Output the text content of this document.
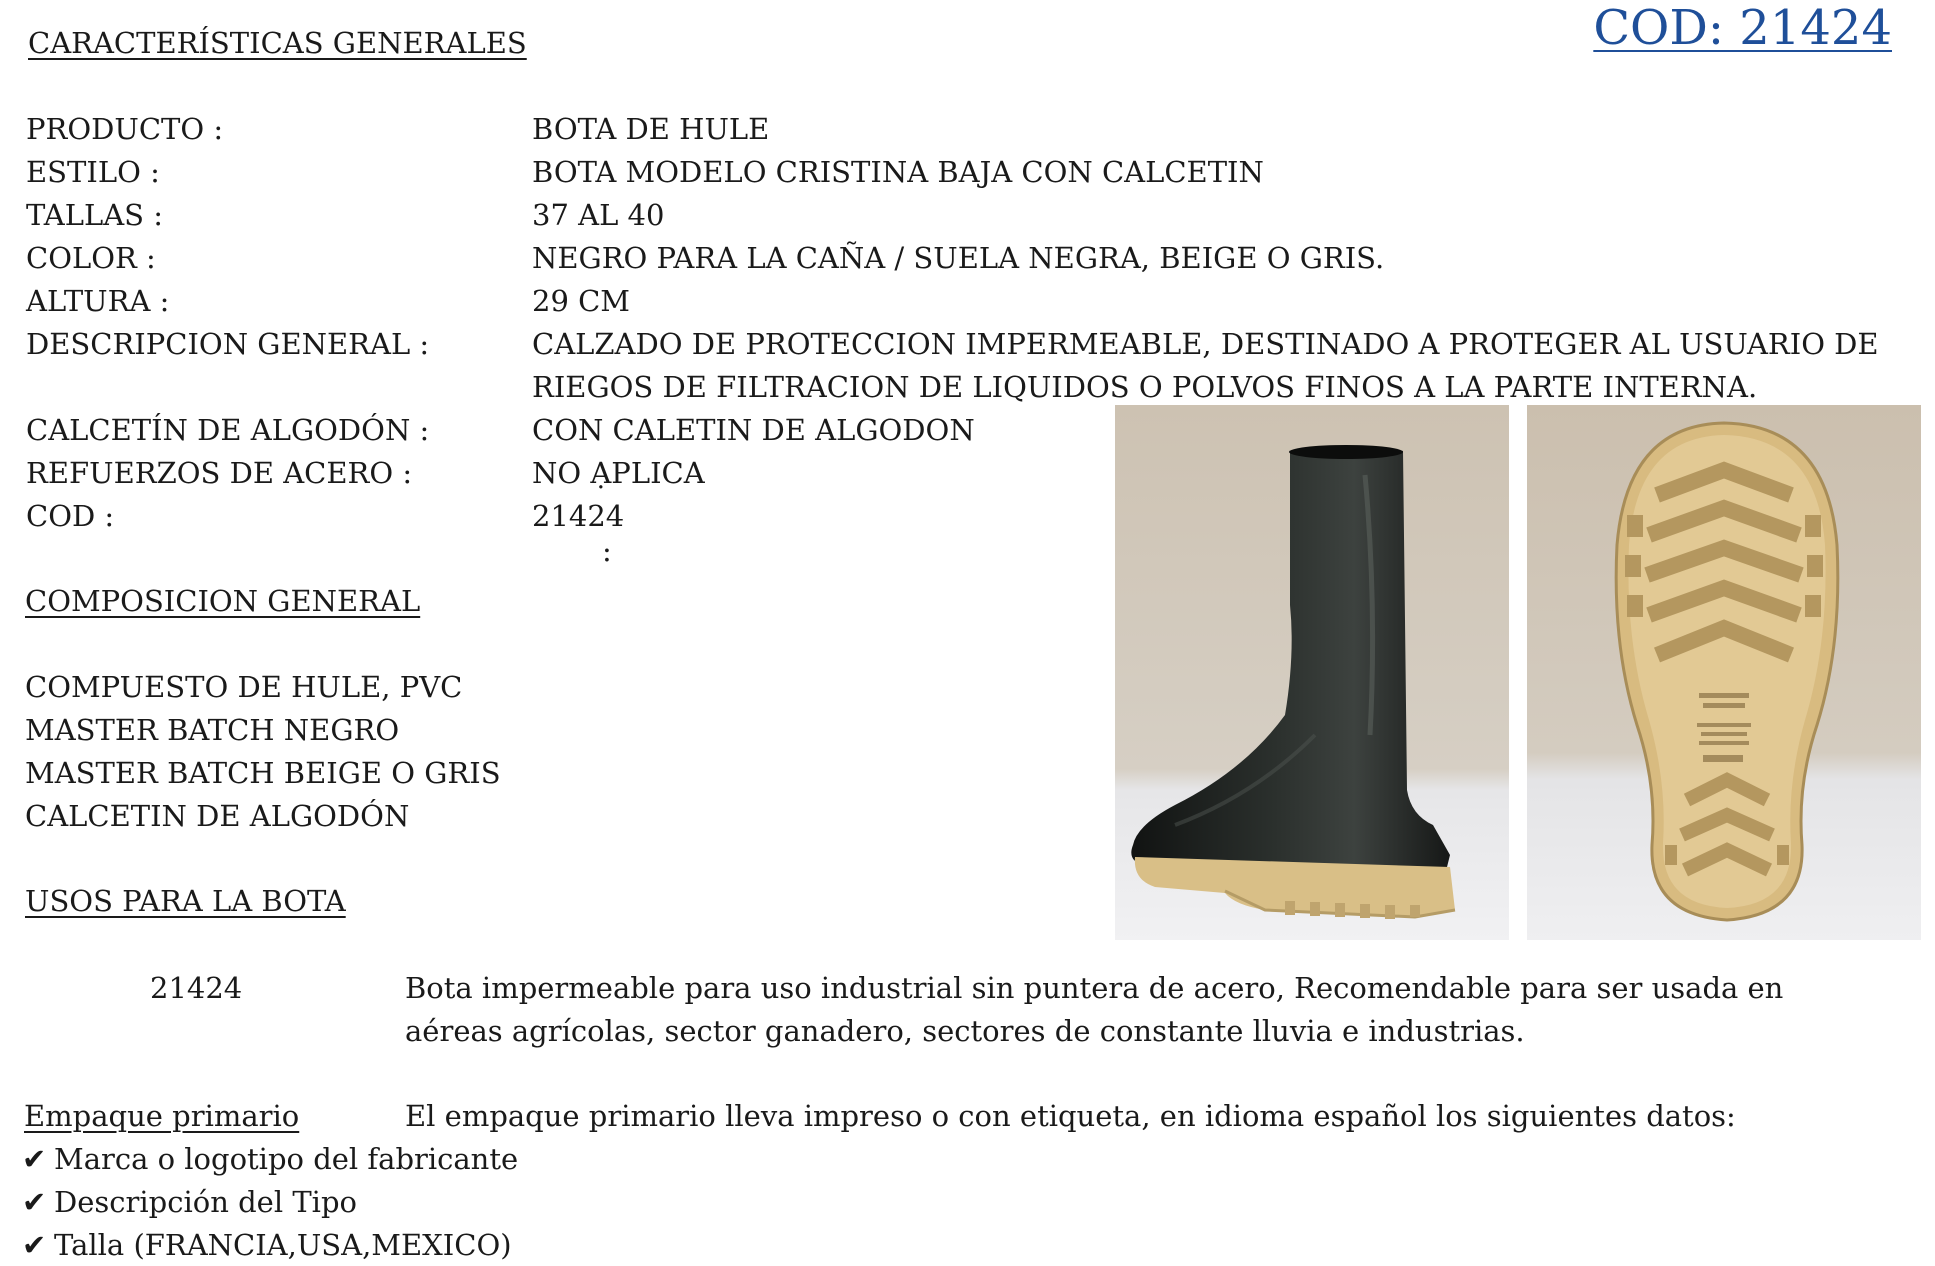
CARACTERÍSTICAS GENERALES	COD: 21424
PRODUCTO :	BOTA DE HULE
ESTILO :	BOTA MODELO CRISTINA BAJA CON CALCETIN
TALLAS :	37 AL 40
COLOR :	NEGRO PARA LA CAÑA / SUELA NEGRA, BEIGE O GRIS.
ALTURA :	29 CM
DESCRIPCION GENERAL :	CALZADO DE PROTECCION IMPERMEABLE, DESTINADO A PROTEGER AL USUARIO DE
RIEGOS DE FILTRACION DE LIQUIDOS O POLVOS FINOS A LA PARTE INTERNA.
CALCETÍN DE ALGODÓN :	CON CALETIN DE ALGODON
REFUERZOS DE ACERO :	NO ẠPLICA
COD :	21424
:
COMPOSICION GENERAL
COMPUESTO DE HULE, PVC
MASTER BATCH NEGRO
MASTER BATCH BEIGE O GRIS
CALCETIN DE ALGODÓN
USOS PARA LA BOTA
21424	Bota impermeable para uso industrial sin puntera de acero, Recomendable para ser usada en
aéreas agrícolas, sector ganadero, sectores de constante lluvia e industrias.
Empaque primario	El empaque primario lleva impreso o con etiqueta, en idioma español los siguientes datos:
✔ Marca o logotipo del fabricante
✔ Descripción del Tipo
✔ Talla (FRANCIA,USA,MEXICO)
